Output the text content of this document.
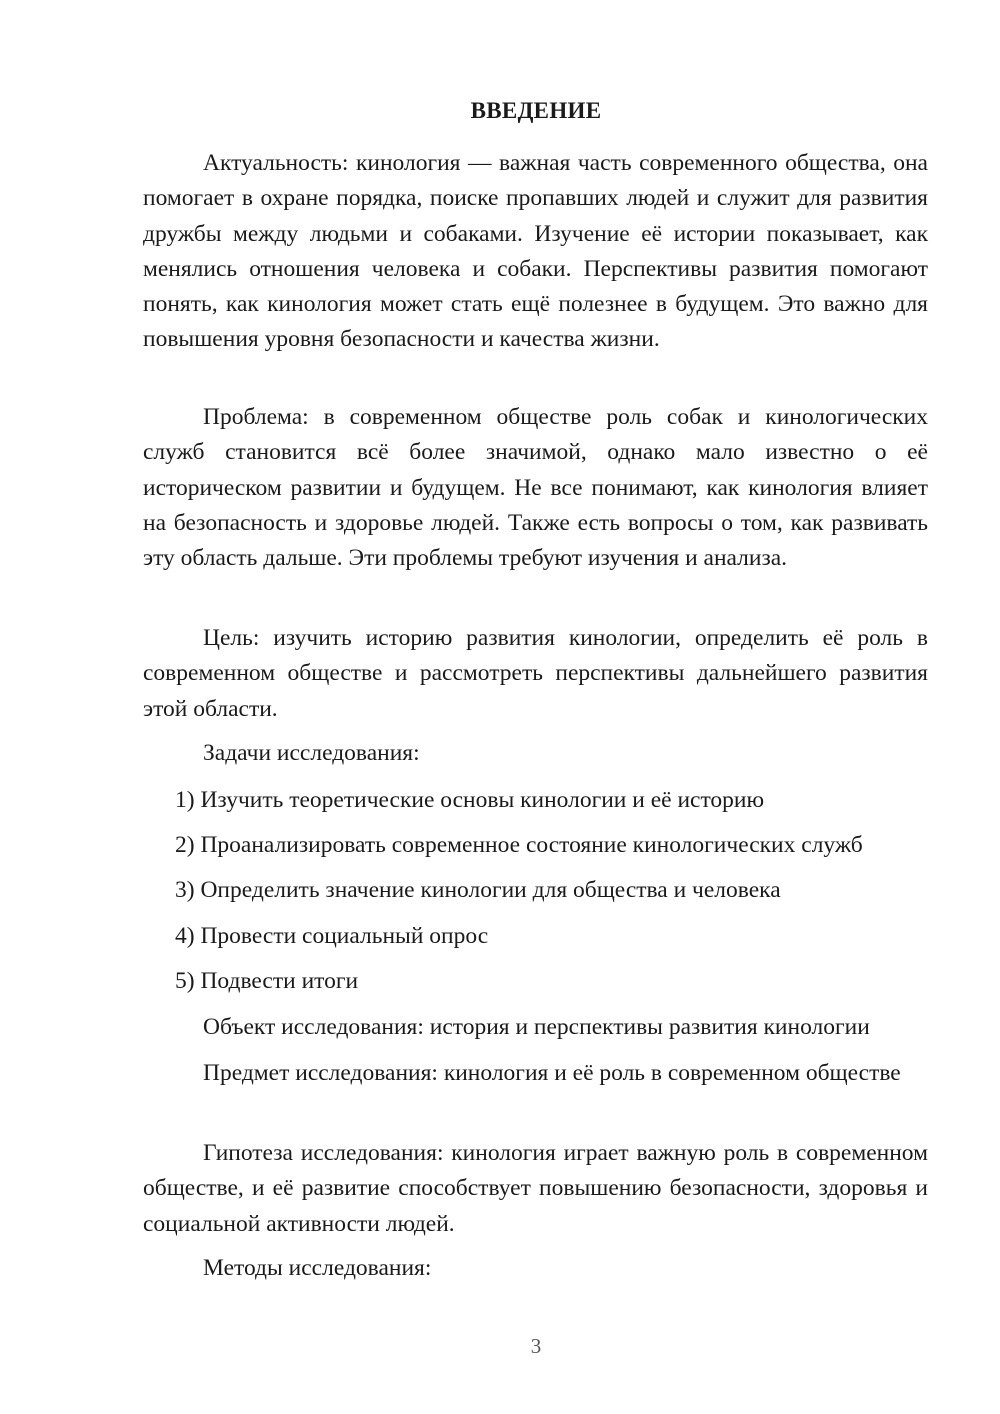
ВВЕДЕНИЕ

Актуальность: кинология — важная часть современного общества, она помогает в охране порядка, поиске пропавших людей и служит для развития дружбы между людьми и собаками. Изучение её истории показывает, как менялись отношения человека и собаки. Перспективы развития помогают понять, как кинология может стать ещё полезнее в будущем. Это важно для повышения уровня безопасности и качества жизни.

Проблема: в современном обществе роль собак и кинологических служб становится всё более значимой, однако мало известно о её историческом развитии и будущем. Не все понимают, как кинология влияет на безопасность и здоровье людей. Также есть вопросы о том, как развивать эту область дальше. Эти проблемы требуют изучения и анализа.

Цель: изучить историю развития кинологии, определить её роль в современном обществе и рассмотреть перспективы дальнейшего развития этой области.

Задачи исследования:

1) Изучить теоретические основы кинологии и её историю

2) Проанализировать современное состояние кинологических служб

3) Определить значение кинологии для общества и человека

4) Провести социальный опрос

5) Подвести итоги

Объект исследования: история и перспективы развития кинологии

Предмет исследования: кинология и её роль в современном обществе

Гипотеза исследования: кинология играет важную роль в современном обществе, и её развитие способствует повышению безопасности, здоровья и социальной активности людей.

Методы исследования:

3
